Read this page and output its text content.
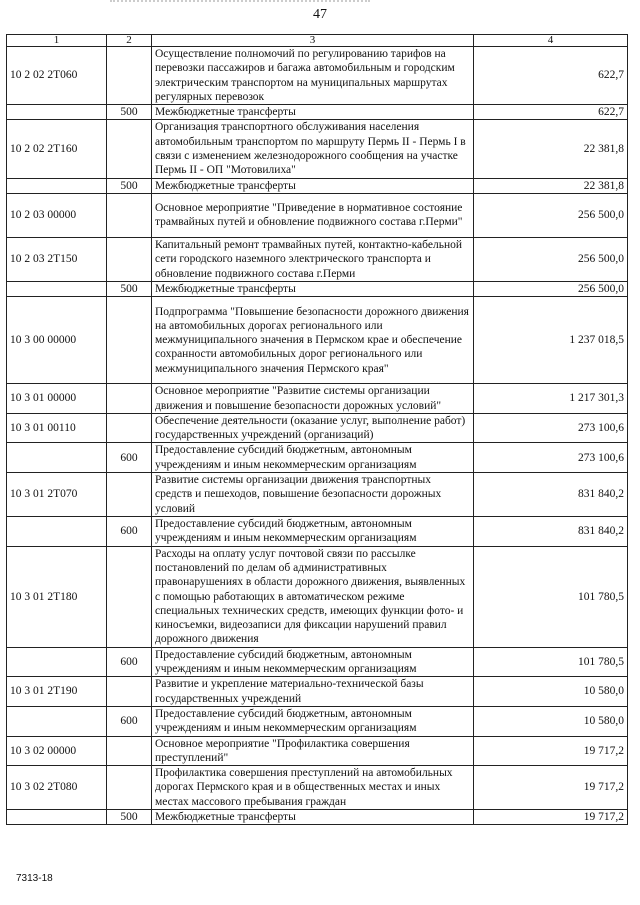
47
1	2	3	4
10 2 02 2Т060		Осуществление полномочий по регулированию тарифов на перевозки пассажиров и багажа автомобильным и городским электрическим транспортом на муниципальных маршрутах регулярных перевозок	622,7
	500	Межбюджетные трансферты	622,7
10 2 02 2Т160		Организация транспортного обслуживания населения автомобильным транспортом по маршруту Пермь II - Пермь I в связи с изменением железнодорожного сообщения на участке Пермь II - ОП "Мотовилиха"	22 381,8
	500	Межбюджетные трансферты	22 381,8
10 2 03 00000		Основное мероприятие "Приведение в нормативное состояние трамвайных путей и обновление подвижного состава г.Перми"	256 500,0
10 2 03 2Т150		Капитальный ремонт трамвайных путей, контактно-кабельной сети городского наземного электрического транспорта и обновление подвижного состава г.Перми	256 500,0
	500	Межбюджетные трансферты	256 500,0
10 3 00 00000		Подпрограмма "Повышение безопасности дорожного движения на автомобильных дорогах регионального или межмуниципального значения в Пермском крае и обеспечение сохранности автомобильных дорог регионального или межмуниципального значения Пермского края"	1 237 018,5
10 3 01 00000		Основное мероприятие "Развитие системы организации движения и повышение безопасности дорожных условий"	1 217 301,3
10 3 01 00110		Обеспечение деятельности (оказание услуг, выполнение работ) государственных учреждений (организаций)	273 100,6
	600	Предоставление субсидий бюджетным, автономным учреждениям и иным некоммерческим организациям	273 100,6
10 3 01 2Т070		Развитие системы организации движения транспортных средств и пешеходов, повышение безопасности дорожных условий	831 840,2
	600	Предоставление субсидий бюджетным, автономным учреждениям и иным некоммерческим организациям	831 840,2
10 3 01 2Т180		Расходы на оплату услуг почтовой связи по рассылке постановлений по делам об административных правонарушениях в области дорожного движения, выявленных с помощью работающих в автоматическом режиме специальных технических средств, имеющих функции фото- и киносъемки, видеозаписи для фиксации нарушений правил дорожного движения	101 780,5
	600	Предоставление субсидий бюджетным, автономным учреждениям и иным некоммерческим организациям	101 780,5
10 3 01 2Т190		Развитие и укрепление материально-технической базы государственных учреждений	10 580,0
	600	Предоставление субсидий бюджетным, автономным учреждениям и иным некоммерческим организациям	10 580,0
10 3 02 00000		Основное мероприятие "Профилактика совершения преступлений"	19 717,2
10 3 02 2Т080		Профилактика совершения преступлений на автомобильных дорогах Пермского края и в общественных местах и иных местах массового пребывания граждан	19 717,2
	500	Межбюджетные трансферты	19 717,2
7313-18
